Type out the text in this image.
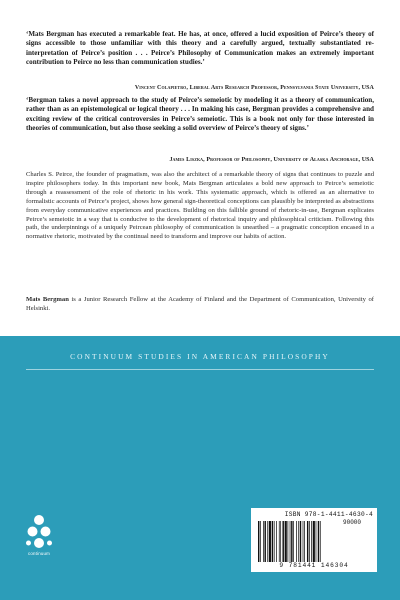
‘Mats Bergman has executed a remarkable feat. He has, at once, offered a lucid exposition of Peirce’s theory of signs accessible to those unfamiliar with this theory and a carefully argued, textually substantiated re-interpretation of Peirce’s position . . . Peirce’s Philosophy of Communication makes an extremely important contribution to Peirce no less than communication studies.’
Vincent Colapietro, Liberal Arts Research Professor, Pennsylvania State University, USA
‘Bergman takes a novel approach to the study of Peirce’s semeiotic by modeling it as a theory of communication, rather than as an epistemological or logical theory . . . In making his case, Bergman provides a comprehensive and exciting review of the critical controversies in Peirce’s semeiotic. This is a book not only for those interested in theories of communication, but also those seeking a solid overview of Peirce’s theory of signs.’
James Liszka, Professor of Philosophy, University of Alaska Anchorage, USA
Charles S. Peirce, the founder of pragmatism, was also the architect of a remarkable theory of signs that continues to puzzle and inspire philosophers today. In this important new book, Mats Bergman articulates a bold new approach to Peirce’s semeiotic through a reassessment of the role of rhetoric in his work. This systematic approach, which is offered as an alternative to formalistic accounts of Peirce’s project, shows how general sign-theoretical conceptions can plausibly be interpreted as abstractions from everyday communicative experiences and practices. Building on this fallible ground of rhetoric-in-use, Bergman explicates Peirce’s semeiotic in a way that is conducive to the development of rhetorical inquiry and philosophical criticism. Following this path, the underpinnings of a uniquely Peircean philosophy of communication is unearthed – a pragmatic conception encased in a normative rhetoric, motivated by the continual need to transform and improve our habits of action.
Mats Bergman is a Junior Research Fellow at the Academy of Finland and the Department of Communication, University of Helsinki.
CONTINUUM STUDIES IN AMERICAN PHILOSOPHY
continuum
ISBN 978-1-4411-4630-4
90000
9 781441 146304
